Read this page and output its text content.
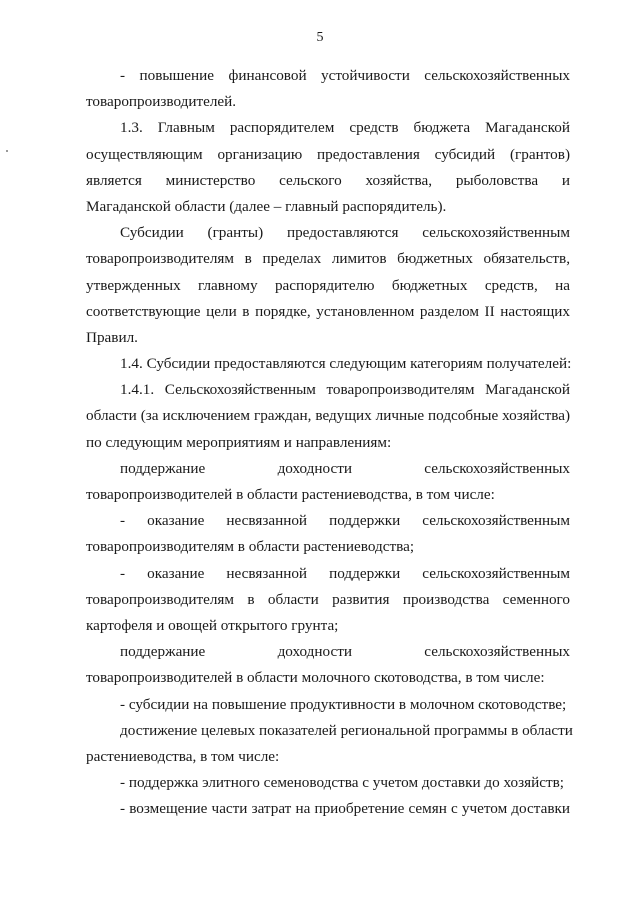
5
- повышение финансовой устойчивости сельскохозяйственных
товаропроизводителей.
1.3. Главным распорядителем средств бюджета Магаданской
осуществляющим организацию предоставления субсидий (грантов)
является министерство сельского хозяйства, рыболовства и
Магаданской области (далее – главный распорядитель).
Субсидии (гранты) предоставляются сельскохозяйственным
товаропроизводителям в пределах лимитов бюджетных обязательств,
утвержденных главному распорядителю бюджетных средств, на
соответствующие цели в порядке, установленном разделом II настоящих
Правил.
1.4. Субсидии предоставляются следующим категориям получателей:
1.4.1. Сельскохозяйственным товаропроизводителям Магаданской
области (за исключением граждан, ведущих личные подсобные хозяйства)
по следующим мероприятиям и направлениям:
поддержание доходности сельскохозяйственных
товаропроизводителей в области растениеводства, в том числе:
- оказание несвязанной поддержки сельскохозяйственным
товаропроизводителям в области растениеводства;
- оказание несвязанной поддержки сельскохозяйственным
товаропроизводителям в области развития производства семенного
картофеля и овощей открытого грунта;
поддержание доходности сельскохозяйственных
товаропроизводителей в области молочного скотоводства, в том числе:
- субсидии на повышение продуктивности в молочном скотоводстве;
достижение целевых показателей региональной программы в области
растениеводства, в том числе:
- поддержка элитного семеноводства с учетом доставки до хозяйств;
- возмещение части затрат на приобретение семян с учетом доставки
